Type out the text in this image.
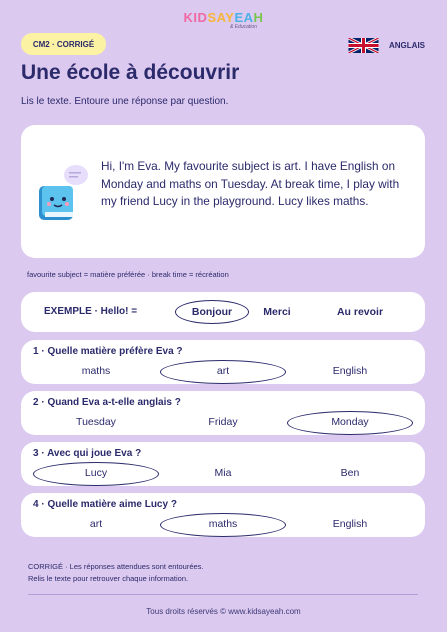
KIDSAYEAH
& Education
CM2 · CORRIGÉ	ANGLAIS
Une école à découvrir
Lis le texte. Entoure une réponse par question.

Hi, I'm Eva. My favourite subject is art. I have English on Monday and maths on Tuesday. At break time, I play with my friend Lucy in the playground. Lucy likes maths.

favourite subject = matière préférée · break time = récréation
EXEMPLE · Hello! =	Bonjour	Merci	Au revoir
1 · Quelle matière préfère Eva ?
maths	art	English
2 · Quand Eva a-t-elle anglais ?
Tuesday	Friday	Monday
3 · Avec qui joue Eva ?
Lucy	Mia	Ben
4 · Quelle matière aime Lucy ?
art	maths	English
CORRIGÉ · Les réponses attendues sont entourées.
Relis le texte pour retrouver chaque information.
Tous droits réservés © www.kidsayeah.com
